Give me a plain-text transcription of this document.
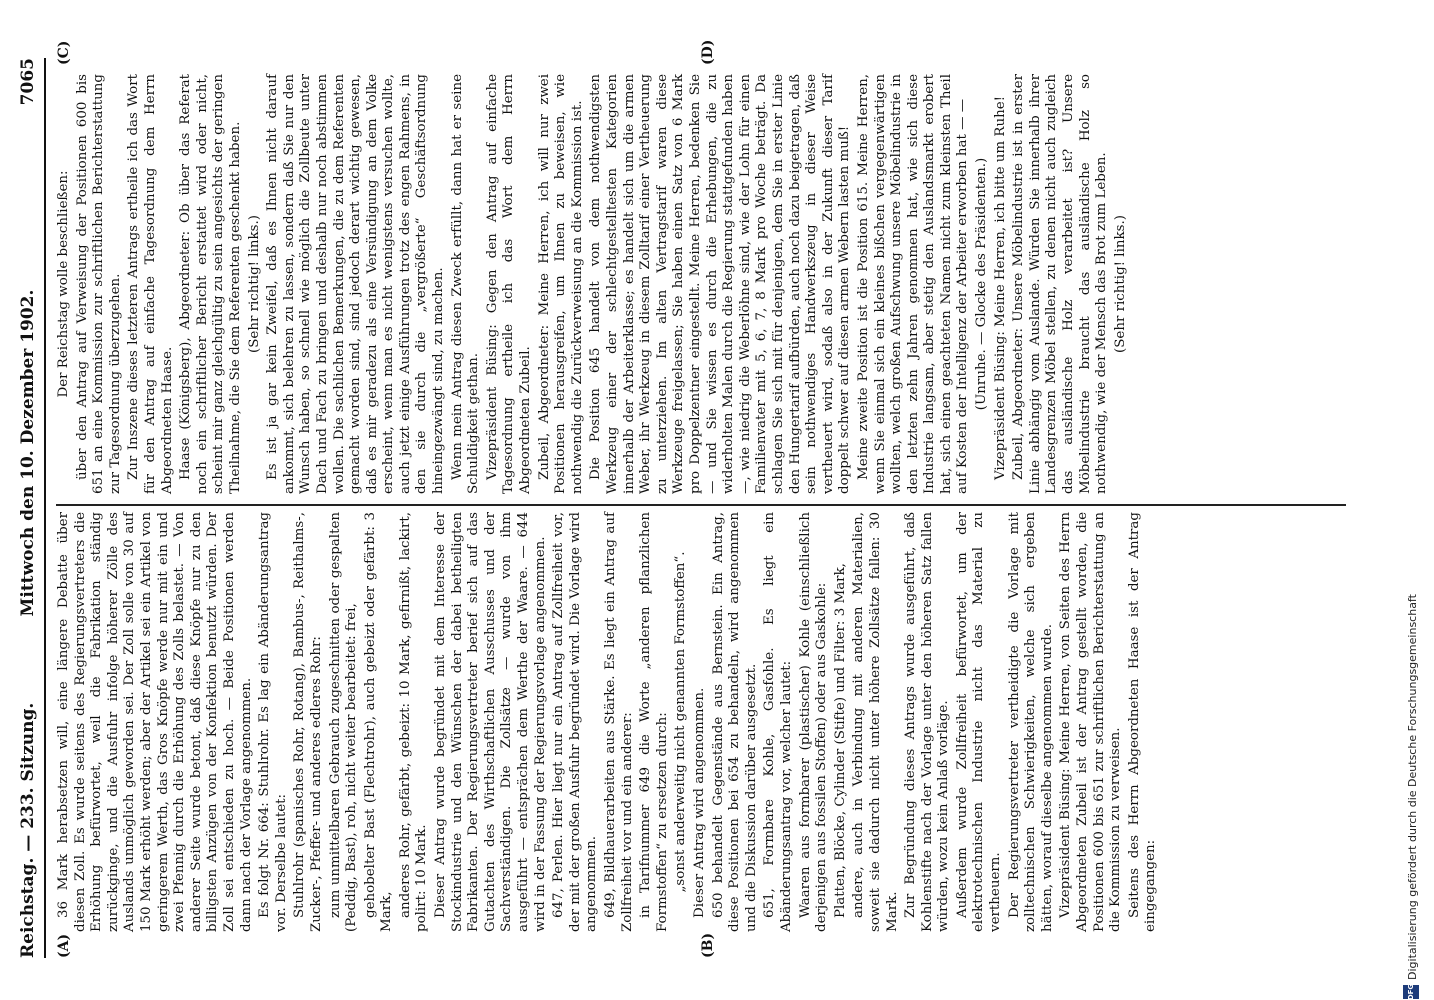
Reichstag. — 233. Sitzung.
Mittwoch den 10. Dezember 1902.
7065
(A)	(B)
(C)	(D)

36 Mark herabsetzen will, eine längere Debatte über diesen Zoll. Es wurde seitens des Regierungsvertreters die Erhöhung befürwortet, weil die Fabrikation ständig zurückginge, und die Ausfuhr infolge höherer Zölle des Auslands unmöglich geworden sei. Der Zoll solle von 30 auf 150 Mark erhöht werden; aber der Artikel sei ein Artikel von geringerem Werth, das Gros Knöpfe werde nur mit ein und zwei Pfennig durch die Erhöhung des Zolls belastet. — Von anderer Seite wurde betont, daß diese Knöpfe nur zu den billigsten Anzügen von der Konfektion benutzt würden. Der Zoll sei entschieden zu hoch. — Beide Positionen werden dann nach der Vorlage angenommen. Es folgt Nr. 664: Stuhlrohr. Es lag ein Abänderungsantrag vor. Derselbe lautet: Stuhlrohr (spanisches Rohr, Rotang), Bambus-, Reithalms-, Zucker-, Pfeffer- und anderes edleres Rohr: zum unmittelbaren Gebrauch zugeschnitten oder gespalten (Peddig, Bast), roh, nicht weiter bearbeitet: frei, gehobelter Bast (Flechtrohr), auch gebeizt oder gefärbt: 3 Mark, anderes Rohr, gefärbt, gebeizt: 10 Mark, gefirnißt, lackirt, polirt: 10 Mark. Dieser Antrag wurde begründet mit dem Interesse der Stockindustrie und den Wünschen der dabei betheiligten Fabrikanten. Der Regierungsvertreter berief sich auf das Gutachten des Wirthschaftlichen Ausschusses und der Sachverständigen. Die Zollsätze — wurde von ihm ausgeführt — entsprächen dem Werthe der Waare. — 644 wird in der Fassung der Regierungsvorlage angenommen. 647, Perlen. Hier liegt nur ein Antrag auf Zollfreiheit vor, der mit der großen Ausfuhr begründet wird. Die Vorlage wird angenommen. 649, Bildhauerarbeiten aus Stärke. Es liegt ein Antrag auf Zollfreiheit vor und ein anderer: in Tarifnummer 649 die Worte „anderen pflanzlichen Formstoffen“ zu ersetzen durch: „sonst anderweitig nicht genannten Formstoffen“. Dieser Antrag wird angenommen. 650 behandelt Gegenstände aus Bernstein. Ein Antrag, diese Positionen bei 654 zu behandeln, wird angenommen und die Diskussion darüber ausgesetzt. 651, Formbare Kohle, Gasfohle. Es liegt ein Abänderungsantrag vor, welcher lautet: Waaren aus formbarer (plastischer) Kohle (einschließlich derjenigen aus fossilen Stoffen) oder aus Gaskohle: Platten, Blöcke, Cylinder (Stifte) und Filter: 3 Mark, andere, auch in Verbindung mit anderen Materialien, soweit sie dadurch nicht unter höhere Zollsätze fallen: 30 Mark. Zur Begründung dieses Antrags wurde ausgeführt, daß Kohlenstifte nach der Vorlage unter den höheren Satz fallen würden, wozu kein Anlaß vorläge. Außerdem wurde Zollfreiheit befürwortet, um der elektrotechnischen Industrie nicht das Material zu vertheuern. Der Regierungsvertreter vertheidigte die Vorlage mit zolltechnischen Schwierigkeiten, welche sich ergeben hätten, worauf dieselbe angenommen wurde. Vizepräsident Büsing: Meine Herren, von Seiten des Herrn Abgeordneten Zubeil ist der Antrag gestellt worden, die Positionen 600 bis 651 zur schriftlichen Berichterstattung an die Kommission zu verweisen. Seitens des Herrn Abgeordneten Haase ist der Antrag eingegangen:

Der Reichstag wolle beschließen: über den Antrag auf Verweisung der Positionen 600 bis 651 an eine Kommission zur schriftlichen Berichterstattung zur Tagesordnung überzugehen. Zur Inszene dieses letzteren Antrags ertheile ich das Wort für den Antrag auf einfache Tagesordnung dem Herrn Abgeordneten Haase. Haase (Königsberg), Abgeordneter: Ob über das Referat noch ein schriftlicher Bericht erstattet wird oder nicht, scheint mir ganz gleichgültig zu sein angesichts der geringen Theilnahme, die Sie dem Referenten geschenkt haben. (Sehr richtig! links.) Es ist ja gar kein Zweifel, daß es Ihnen nicht darauf ankommt, sich belehren zu lassen, sondern daß Sie nur den Wunsch haben, so schnell wie möglich die Zollbeute unter Dach und Fach zu bringen und deshalb nur noch abstimmen wollen. Die sachlichen Bemerkungen, die zu dem Referenten gemacht worden sind, sind jedoch derart wichtig gewesen, daß es mir geradezu als eine Versündigung an dem Volke erscheint, wenn man es nicht wenigstens versuchen wollte, auch jetzt einige Ausführungen trotz des engen Rahmens, in den sie durch die „vergrößerte“ Geschäftsordnung hineingezwängt sind, zu machen. Wenn mein Antrag diesen Zweck erfüllt, dann hat er seine Schuldigkeit gethan. Vizepräsident Büsing: Gegen den Antrag auf einfache Tagesordnung ertheile ich das Wort dem Herrn Abgeordneten Zubeil. Zubeil, Abgeordneter: Meine Herren, ich will nur zwei Positionen herausgreifen, um Ihnen zu beweisen, wie nothwendig die Zurückverweisung an die Kommission ist. Die Position 645 handelt von dem nothwendigsten Werkzeug einer der schlechtgestelltesten Kategorien innerhalb der Arbeiterklasse; es handelt sich um die armen Weber, ihr Werkzeug in diesem Zolltarif einer Vertheuerung zu unterziehen. Im alten Vertragstarif waren diese Werkzeuge freigelassen; Sie haben einen Satz von 6 Mark pro Doppelzentner eingestellt. Meine Herren, bedenken Sie — und Sie wissen es durch die Erhebungen, die zu widerholten Malen durch die Regierung stattgefunden haben —, wie niedrig die Weberlöhne sind, wie der Lohn für einen Familienvater mit 5, 6, 7, 8 Mark pro Woche beträgt. Da schlagen Sie sich mit für denjenigen, dem Sie in erster Linie den Hungertarif aufbürden, auch noch dazu beigetragen, daß sein nothwendiges Handwerkszeug in dieser Weise vertheuert wird, sodaß also in der Zukunft dieser Tarif doppelt schwer auf diesen armen Webern lasten muß! Meine zweite Position ist die Position 615. Meine Herren, wenn Sie einmal sich ein kleines bißchen vergegenwärtigen wollten, welch großen Aufschwung unsere Möbelindustrie in den letzten zehn Jahren genommen hat, wie sich diese Industrie langsam, aber stetig den Auslandsmarkt erobert hat, sich einen geachteten Namen nicht zum kleinsten Theil auf Kosten der Intelligenz der Arbeiter erworben hat — — (Unruhe. — Glocke des Präsidenten.) Vizepräsident Büsing: Meine Herren, ich bitte um Ruhe! Zubeil, Abgeordneter: Unsere Möbelindustrie ist in erster Linie abhängig vom Auslande. Würden Sie innerhalb ihrer Landesgrenzen Möbel stellen, zu denen nicht auch zugleich das ausländische Holz verarbeitet ist? Unsere Möbelindustrie braucht das ausländische Holz so nothwendig, wie der Mensch das Brot zum Leben. (Sehr richtig! links.)

DFG
Digitalisierung gefördert durch die Deutsche Forschungsgemeinschaft
